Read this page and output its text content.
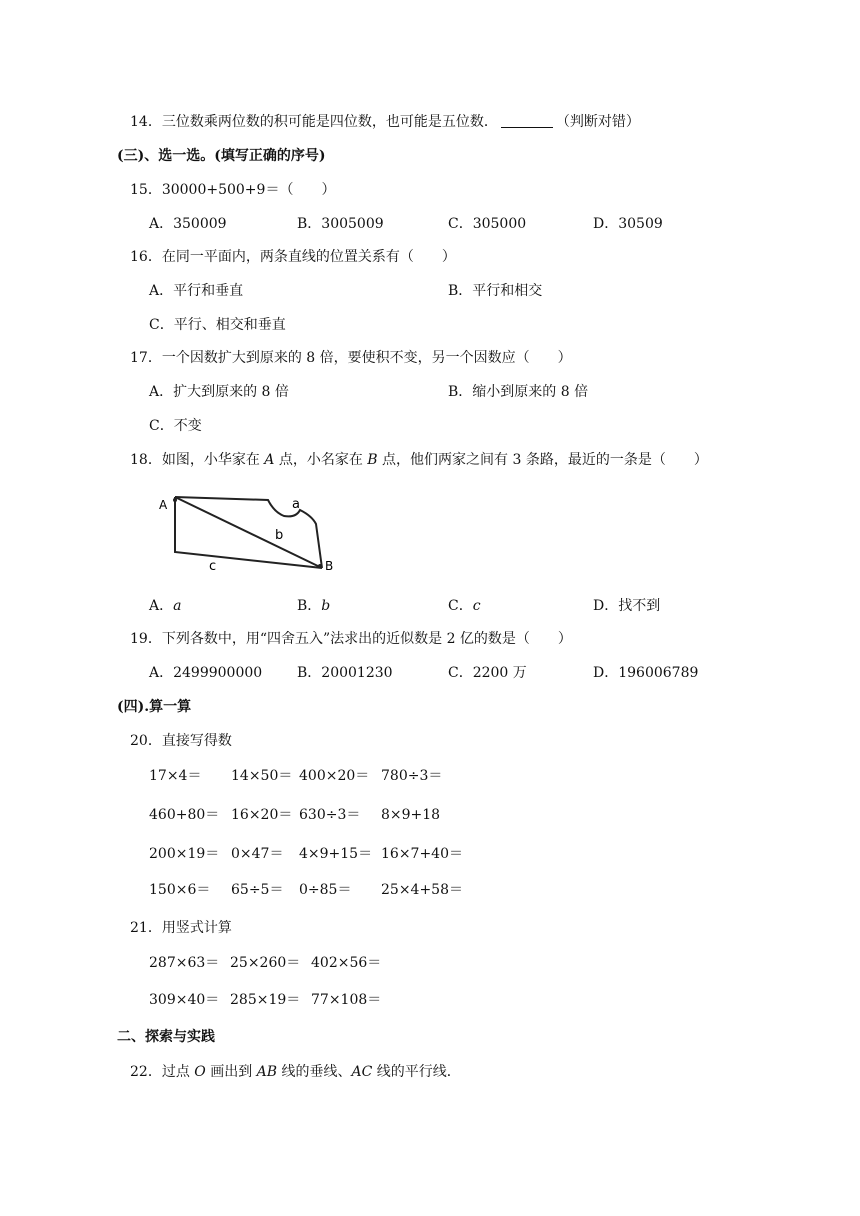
14．三位数乘两位数的积可能是四位数，也可能是五位数．	（判断对错）
(三)、选一选。(填写正确的序号)
15．30000+500+9＝（　　）
A．350009	B．3005009	C．305000	D．30509
16．在同一平面内，两条直线的位置关系有（　　）
A．平行和垂直	B．平行和相交
C．平行、相交和垂直
17．一个因数扩大到原来的 8 倍，要使积不变，另一个因数应（　　）
A．扩大到原来的 8 倍	B．缩小到原来的 8 倍
C．不变
18．如图，小华家在 A 点，小名家在 B 点，他们两家之间有 3 条路，最近的一条是（　　）
A
B
a
b
c
A．a	B．b	C．c	D．找不到
19．下列各数中，用“四舍五入”法求出的近似数是 2 亿的数是（　　）
A．2499900000 B．20001230	C．2200 万	D．196006789
(四).算一算
20．直接写得数
17×4＝ 14×50＝ 400×20＝ 780÷3＝
460+80＝ 16×20＝ 630÷3＝ 8×9+18
200×19＝ 0×47＝ 4×9+15＝ 16×7+40＝
150×6＝ 65÷5＝ 0÷85＝ 25×4+58＝
21．用竖式计算
287×63＝ 25×260＝ 402×56＝
309×40＝ 285×19＝ 77×108＝
二、探索与实践
22．过点 O 画出到 AB 线的垂线、AC 线的平行线．
